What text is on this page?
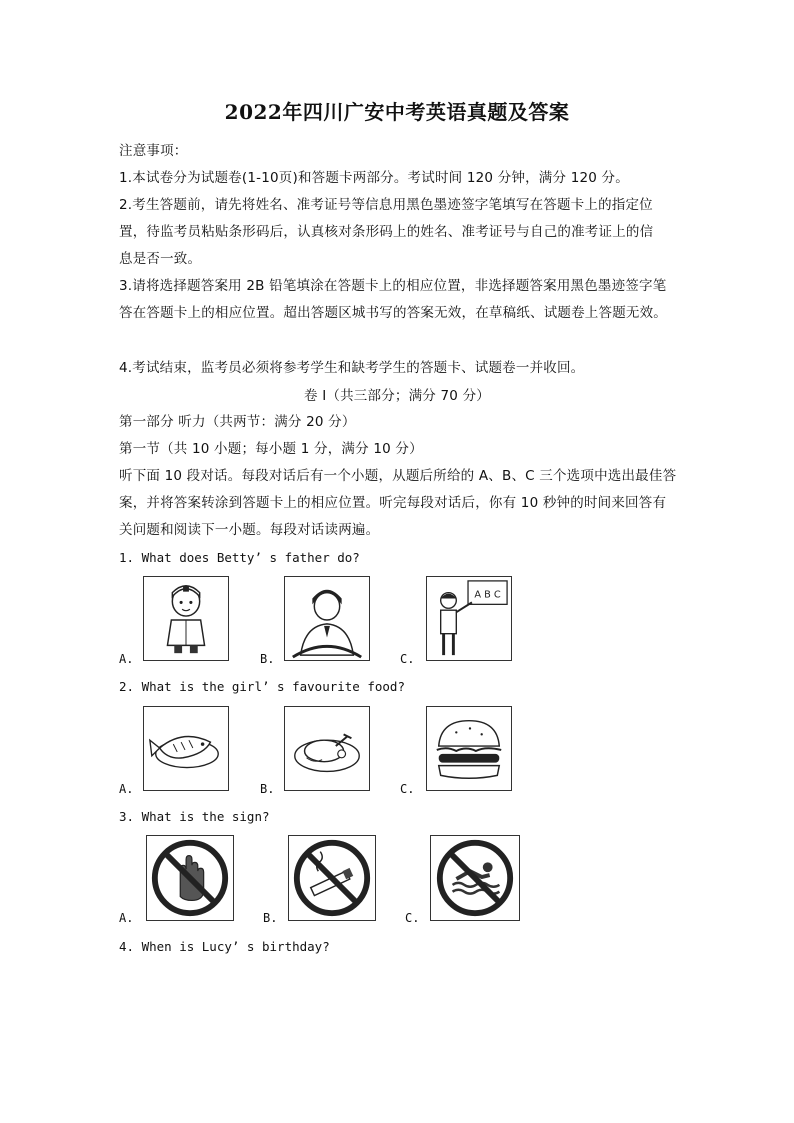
2022年四川广安中考英语真题及答案
注意事项：
1.本试卷分为试题卷(1-10页)和答题卡两部分。考试时间 120 分钟，满分 120 分。
2.考生答题前，请先将姓名、准考证号等信息用黑色墨迹签字笔填写在答题卡上的指定位
置，待监考员粘贴条形码后，认真核对条形码上的姓名、准考证号与自己的准考证上的信
息是否一致。
3.请将选择题答案用 2B 铅笔填涂在答题卡上的相应位置，非选择题答案用黑色墨迹签字笔
答在答题卡上的相应位置。超出答题区城书写的答案无效，在草稿纸、试题卷上答题无效。
4.考试结束，监考员必须将参考学生和缺考学生的答题卡、试题卷一并收回。
卷 I（共三部分；满分 70 分）
第一部分 听力（共两节：满分 20 分）
第一节（共 10 小题；每小题 1 分，满分 10 分）
听下面 10 段对话。每段对话后有一个小题，从题后所给的 A、B、C 三个选项中选出最佳答
案，并将答案转涂到答题卡上的相应位置。听完每段对话后，你有 10 秒钟的时间来回答有
关问题和阅读下一小题。每段对话读两遍。
1. What does Betty’ s father do?
A.	B.	C.
A B C
2. What is the girl’ s favourite food?
A.	B.	C.
3. What is the sign?
A.	B.	C.
4. When is Lucy’ s birthday?
